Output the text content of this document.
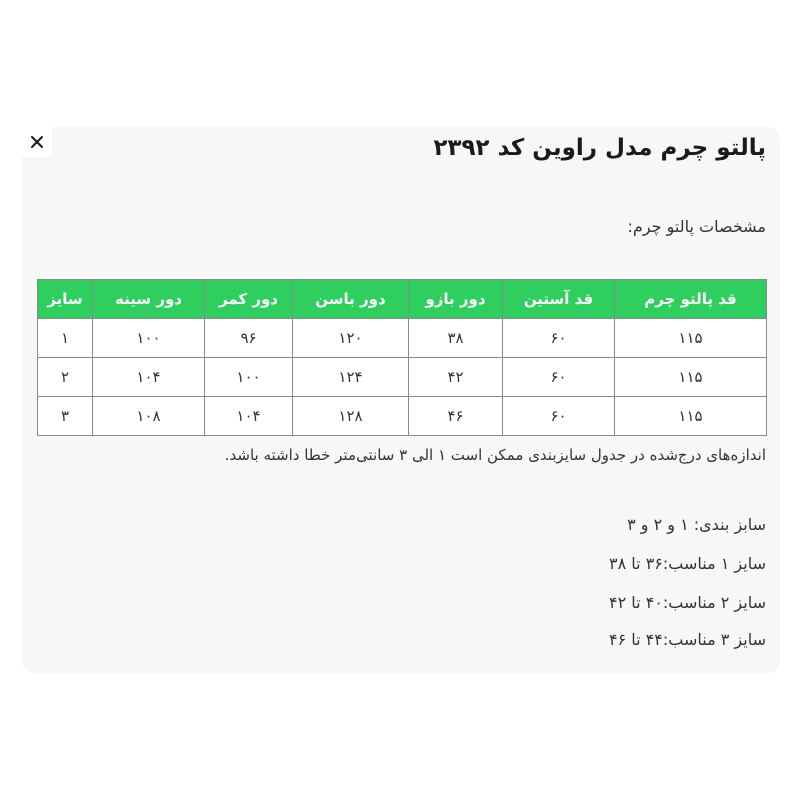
پالتو چرم مدل راوین کد ۲۳۹۲

مشخصات پالتو چرم:

قد پالتو چرم	قد آستین	دور بازو	دور باسن	دور کمر	دور سینه	سایز
۱۱۵	۶۰	۳۸	۱۲۰	۹۶	۱۰۰	۱
۱۱۵	۶۰	۴۲	۱۲۴	۱۰۰	۱۰۴	۲
۱۱۵	۶۰	۴۶	۱۲۸	۱۰۴	۱۰۸	۳

اندازه‌های درج‌شده در جدول سایزبندی ممکن است ۱ الی ۳ سانتی‌متر خطا داشته باشد.

سابز بندی: ۱ و ۲ و ۳

سایز ۱ مناسب:۳۶ تا ۳۸

سایز ۲ مناسب:۴۰ تا ۴۲

سایز ۳ مناسب:۴۴ تا ۴۶
